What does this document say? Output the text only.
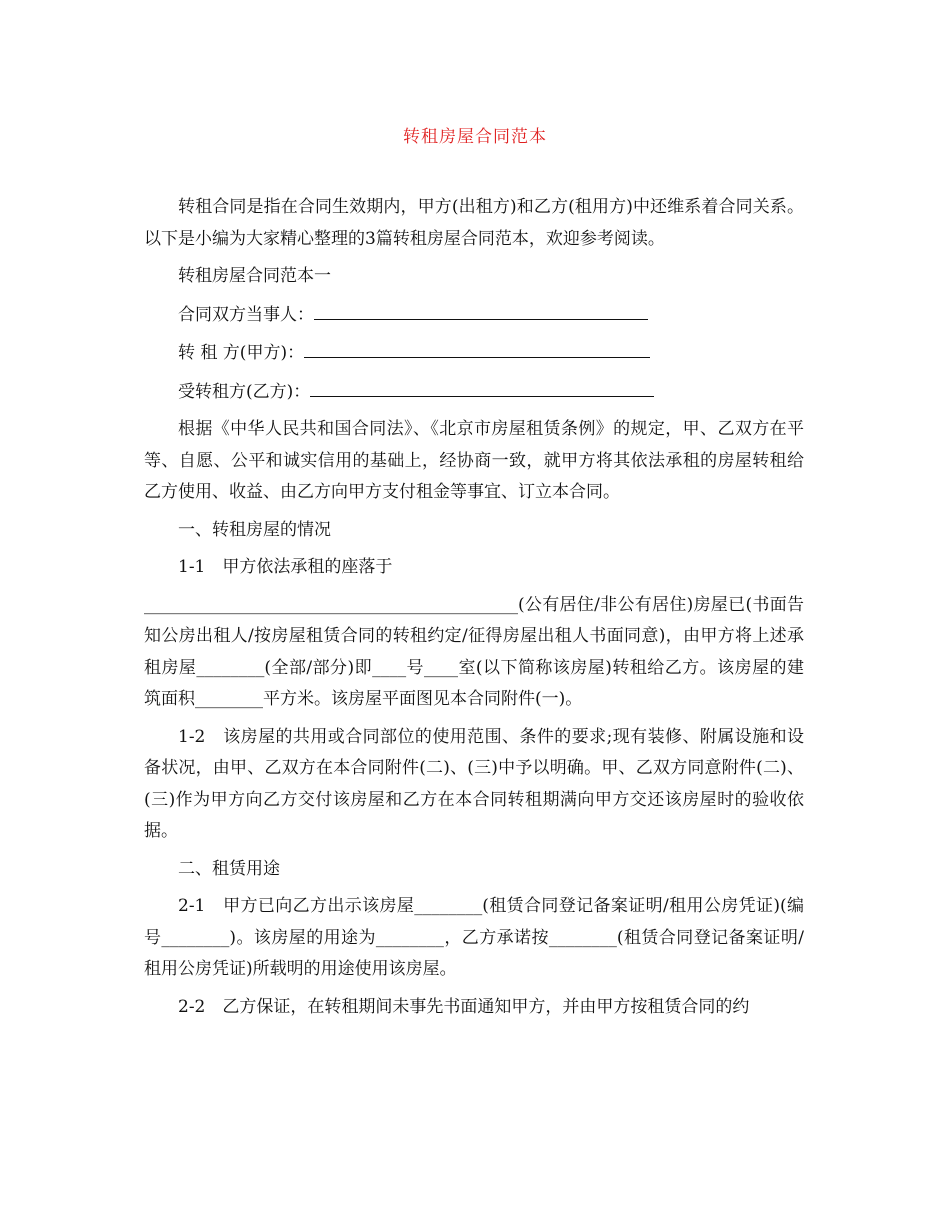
转租房屋合同范本

转租合同是指在合同生效期内，甲方(出租方)和乙方(租用方)中还维系着合同关系。以下是小编为大家精心整理的3篇转租房屋合同范本，欢迎参考阅读。

转租房屋合同范本一

合同双方当事人：
转 租 方(甲方)：
受转租方(乙方)：

根据《中华人民共和国合同法》、《北京市房屋租赁条例》的规定，甲、乙双方在平等、自愿、公平和诚实信用的基础上，经协商一致，就甲方将其依法承租的房屋转租给乙方使用、收益、由乙方向甲方支付租金等事宜、订立本合同。

一、转租房屋的情况

1-1　甲方依法承租的座落于

____________________________________________(公有居住/非公有居住)房屋已(书面告知公房出租人/按房屋租赁合同的转租约定/征得房屋出租人书面同意)，由甲方将上述承租房屋________(全部/部分)即____号____室(以下简称该房屋)转租给乙方。该房屋的建筑面积________平方米。该房屋平面图见本合同附件(一)。

1-2　该房屋的共用或合同部位的使用范围、条件的要求;现有装修、附属设施和设备状况，由甲、乙双方在本合同附件(二)、(三)中予以明确。甲、乙双方同意附件(二)、(三)作为甲方向乙方交付该房屋和乙方在本合同转租期满向甲方交还该房屋时的验收依据。

二、租赁用途

2-1　甲方已向乙方出示该房屋________(租赁合同登记备案证明/租用公房凭证)(编号________)。该房屋的用途为________，乙方承诺按________(租赁合同登记备案证明/租用公房凭证)所载明的用途使用该房屋。

2-2　乙方保证，在转租期间未事先书面通知甲方，并由甲方按租赁合同的约
